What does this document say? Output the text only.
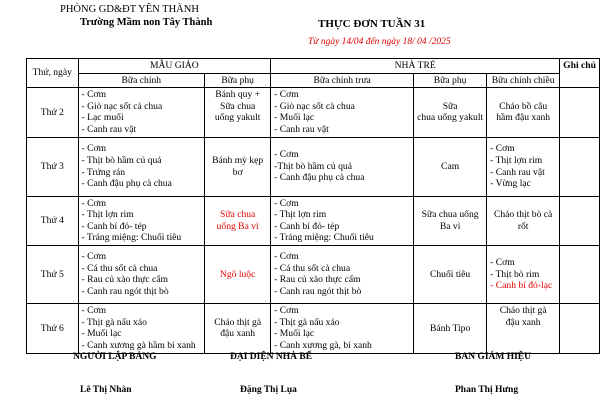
PHÒNG GD&ĐT YÊN THÀNH
Trường Mầm non Tây Thành	THỰC ĐƠN TUẦN 31
Từ ngày 14/04 đến ngày 18/ 04 /2025
Thứ, ngày	MẪU GIÁO		NHÀ TRẺ			Ghi chú
	Bữa chính	Bữa phụ	Bữa chính trưa	Bữa phụ	Bữa chính chiều	
Thứ 2	- Cơm
- Giò nạc sốt cà chua
- Lạc muối
- Canh rau vật	Bánh quy +
Sữa chua
uống yakult	- Cơm
- Giò nạc sốt cà chua
- Muối lạc
- Canh rau vật	Sữa
chua uống yakult	Cháo bồ câu
hầm đậu xanh	

Thứ 3	- Cơm
- Thịt bò hầm củ quả
- Trứng rán
- Canh đậu phụ cà chua	Bánh mỳ kẹp
bơ	- Cơm
-Thịt bò hầm củ quả
- Canh đậu phụ cà chua	Cam	- Cơm
- Thịt lợn rim
- Canh rau vật
- Vừng lạc	

Thứ 4	- Cơm
- Thịt lợn rim
- Canh bí đỏ- tép
- Tráng miệng: Chuối tiêu	Sữa chua
uống Ba vì	- Cơm
- Thịt lợn rim
- Canh bí đỏ- tép
- Tráng miệng: Chuối tiêu	Sữa chua uống
Ba vì	Cháo thịt bò cà
rốt	

Thứ 5	- Cơm
- Cá thu sốt cà chua
- Rau củ xào thực cẩm
- Canh rau ngót thịt bò	Ngô luộc	- Cơm
- Cá thu sốt cà chua
- Rau củ xào thực cẩm
- Canh rau ngót thịt bò	Chuối tiêu	- Cơm
- Thịt bò rim
- Canh bí đỏ-lạc	

Thứ 6	- Cơm
- Thịt gà nấu xáo
- Muối lạc
- Canh xương gà hầm bí xanh	Cháo thịt gà
đậu xanh	- Cơm
- Thịt gà nấu xáo
- Muối lạc
- Canh xương gà, bí xanh	Bánh Tipo	Cháo thịt gà
đậu xanh	

NGƯỜI LẬP BẢNG	ĐẠI DIỆN NHÀ BẾ	BAN GIÁM HIỆU
Lê Thị Nhàn	Đặng Thị Lụa	Phan Thị Hưng
